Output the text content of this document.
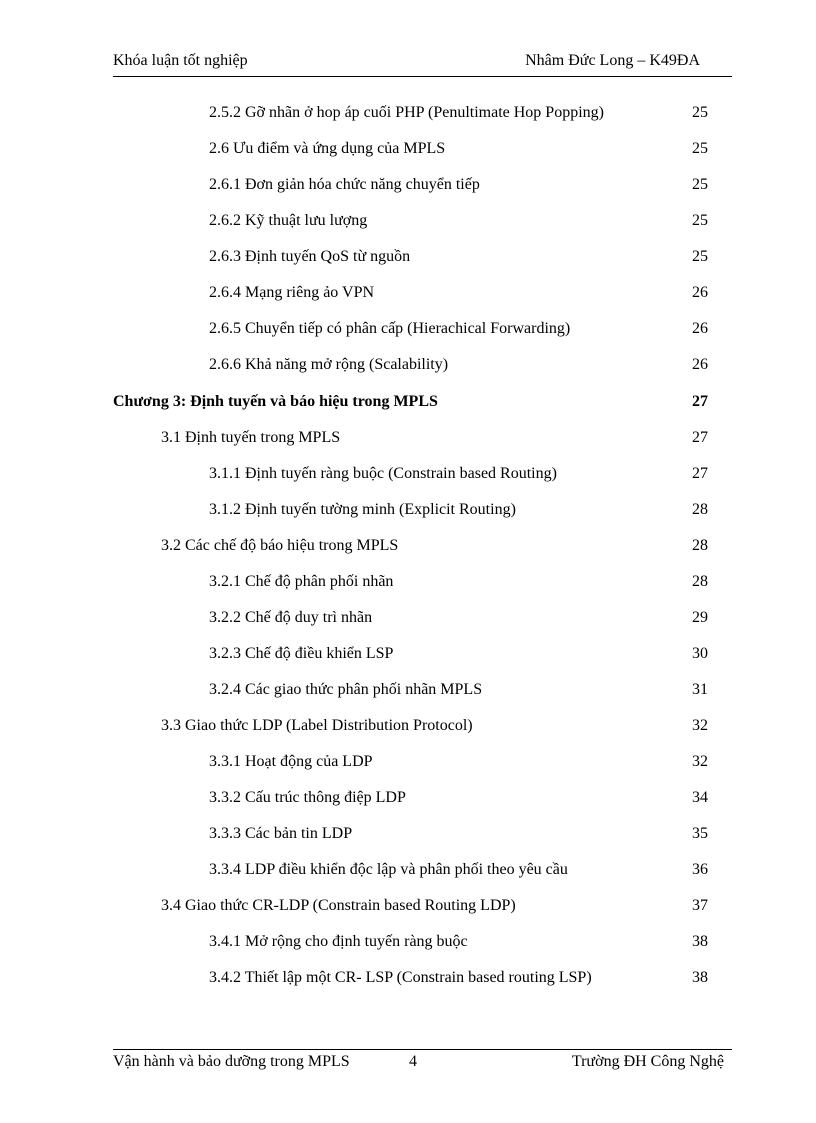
Khóa luận tốt nghiệp	Nhâm Đức Long – K49ĐA
2.5.2 Gỡ nhãn ở hop áp cuối PHP (Penultimate Hop Popping)	25
2.6 Ưu điểm và ứng dụng của MPLS	25
2.6.1 Đơn giản hóa chức năng chuyển tiếp	25
2.6.2 Kỹ thuật lưu lượng	25
2.6.3 Định tuyến QoS từ nguồn	25
2.6.4 Mạng riêng ảo VPN	26
2.6.5 Chuyển tiếp có phân cấp (Hierachical Forwarding)	26
2.6.6 Khả năng mở rộng (Scalability)	26
Chương 3: Định tuyến và báo hiệu trong MPLS	27
3.1 Định tuyến trong MPLS	27
3.1.1 Định tuyến ràng buộc (Constrain based Routing)	27
3.1.2 Định tuyến tường minh (Explicit Routing)	28
3.2 Các chế độ báo hiệu trong MPLS	28
3.2.1 Chế độ phân phối nhãn	28
3.2.2 Chế độ duy trì nhãn	29
3.2.3 Chế độ điều khiển LSP	30
3.2.4 Các giao thức phân phối nhãn MPLS	31
3.3 Giao thức LDP (Label Distribution Protocol)	32
3.3.1 Hoạt động của LDP	32
3.3.2 Cấu trúc thông điệp LDP	34
3.3.3 Các bản tin LDP	35
3.3.4 LDP điều khiển độc lập và phân phối theo yêu cầu	36
3.4 Giao thức CR-LDP (Constrain based Routing LDP)	37
3.4.1 Mở rộng cho định tuyến ràng buộc	38
3.4.2 Thiết lập một CR- LSP (Constrain based routing LSP)	38
Vận hành và bảo dưỡng trong MPLS	4	Trường ĐH Công Nghệ
